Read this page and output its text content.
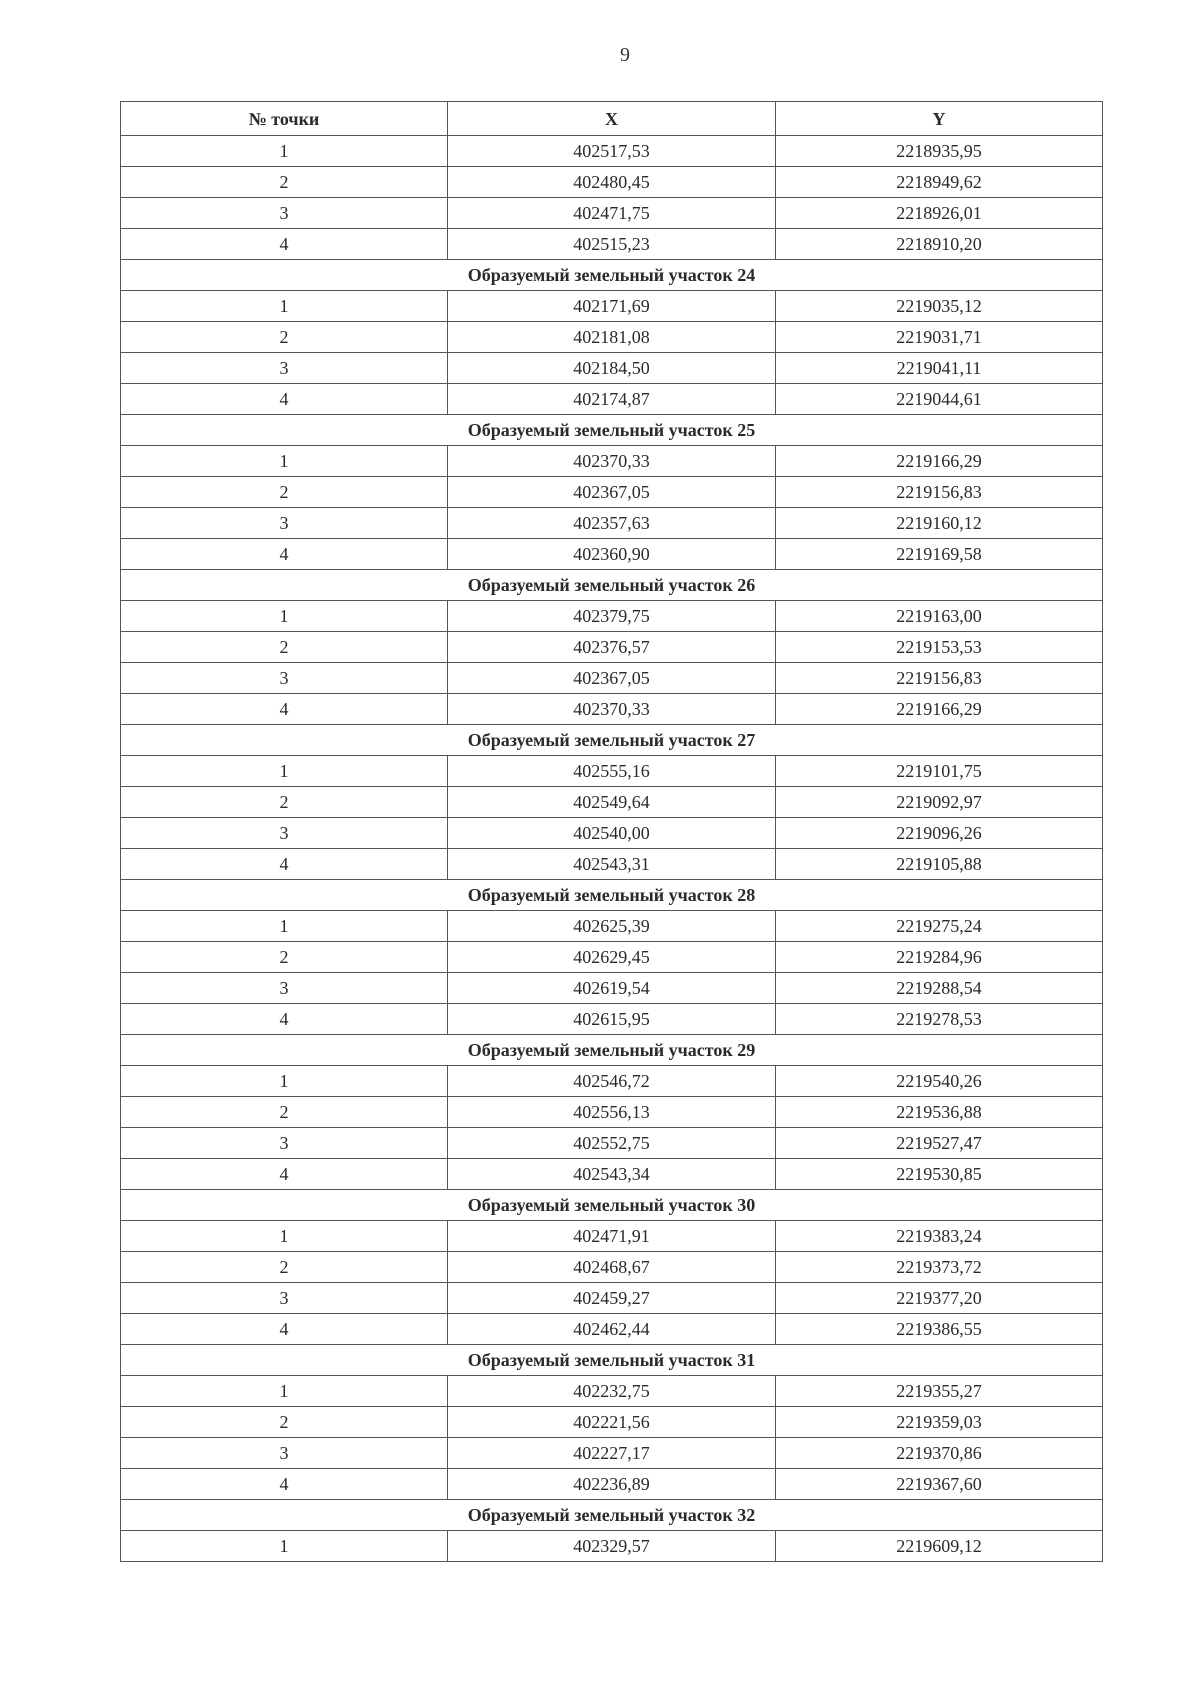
9
№ точки	X	Y
1	402517,53	2218935,95
2	402480,45	2218949,62
3	402471,75	2218926,01
4	402515,23	2218910,20
Образуемый земельный участок 24		
1	402171,69	2219035,12
2	402181,08	2219031,71
3	402184,50	2219041,11
4	402174,87	2219044,61
Образуемый земельный участок 25		
1	402370,33	2219166,29
2	402367,05	2219156,83
3	402357,63	2219160,12
4	402360,90	2219169,58
Образуемый земельный участок 26		
1	402379,75	2219163,00
2	402376,57	2219153,53
3	402367,05	2219156,83
4	402370,33	2219166,29
Образуемый земельный участок 27		
1	402555,16	2219101,75
2	402549,64	2219092,97
3	402540,00	2219096,26
4	402543,31	2219105,88
Образуемый земельный участок 28		
1	402625,39	2219275,24
2	402629,45	2219284,96
3	402619,54	2219288,54
4	402615,95	2219278,53
Образуемый земельный участок 29		
1	402546,72	2219540,26
2	402556,13	2219536,88
3	402552,75	2219527,47
4	402543,34	2219530,85
Образуемый земельный участок 30		
1	402471,91	2219383,24
2	402468,67	2219373,72
3	402459,27	2219377,20
4	402462,44	2219386,55
Образуемый земельный участок 31		
1	402232,75	2219355,27
2	402221,56	2219359,03
3	402227,17	2219370,86
4	402236,89	2219367,60
Образуемый земельный участок 32		
1	402329,57	2219609,12
